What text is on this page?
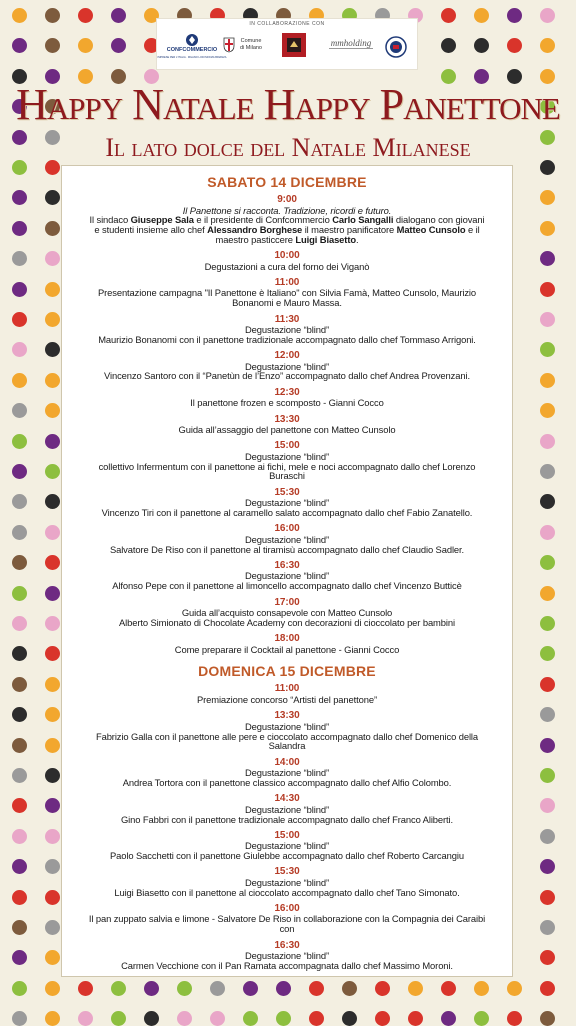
IN COLLABORAZIONE CON
CONFCOMMERCIO
IMPRESE PER L'ITALIA · MILANO LODI MONZA BRIANZA
Comune di Milano	mmholding
Happy Natale Happy Panettone
Il lato dolce del Natale Milanese
SABATO 14 DICEMBRE
9:00
Il Panettone si racconta. Tradizione, ricordi e futuro.
Il sindaco Giuseppe Sala e il presidente di Confcommercio Carlo Sangalli dialogano con giovani
e studenti insieme allo chef Alessandro Borghese il maestro panificatore Matteo Cunsolo e il
maestro pasticcere Luigi Biasetto.
10:00
Degustazioni a cura del forno dei Viganò
11:00
Presentazione campagna "Il Panettone è Italiano" con Silvia Famà, Matteo Cunsolo, Maurizio
Bonanomi e Mauro Massa.
11:30
Degustazione “blind”
Maurizio Bonanomi con il panettone tradizionale accompagnato dallo chef Tommaso Arrigoni.
12:00
Degustazione “blind”
Vincenzo Santoro con il “Panetùn de l’Enzo” accompagnato dallo chef Andrea Provenzani.
12:30
Il panettone frozen e scomposto - Gianni Cocco
13:30
Guida all’assaggio del panettone con Matteo Cunsolo
15:00
Degustazione “blind”
collettivo Infermentum con il panettone ai fichi, mele e noci accompagnato dallo chef Lorenzo
Buraschi
15:30
Degustazione “blind”
Vincenzo Tiri con il panettone al caramello salato accompagnato dallo chef Fabio Zanatello.
16:00
Degustazione “blind”
Salvatore De Riso con il panettone al tiramisù accompagnato dallo chef Claudio Sadler.
16:30
Degustazione “blind”
Alfonso Pepe con il panettone al limoncello accompagnato dallo chef Vincenzo Butticè
17:00
Guida all’acquisto consapevole con Matteo Cunsolo
Alberto Simionato di Chocolate Academy con decorazioni di cioccolato per bambini
18:00
Come preparare il Cocktail al panettone - Gianni Cocco
DOMENICA 15 DICEMBRE
11:00
Premiazione concorso “Artisti del panettone”
13:30
Degustazione “blind”
Fabrizio Galla con il panettone alle pere e cioccolato accompagnato dallo chef Domenico della
Salandra
14:00
Degustazione “blind”
Andrea Tortora con il panettone classico accompagnato dallo chef Alfio Colombo.
14:30
Degustazione “blind”
Gino Fabbri con il panettone tradizionale accompagnato dallo chef Franco Aliberti.
15:00
Degustazione “blind”
Paolo Sacchetti con il panettone Giulebbe accompagnato dallo chef Roberto Carcangiu
15:30
Degustazione “blind”
Luigi Biasetto con il panettone al cioccolato accompagnato dallo chef Tano Simonato.
16:00
Il pan zuppato salvia e limone - Salvatore De Riso in collaborazione con la Compagnia dei Caraibi
con
16:30
Degustazione “blind”
Carmen Vecchione con il Pan Ramata accompagnata dallo chef Massimo Moroni.
